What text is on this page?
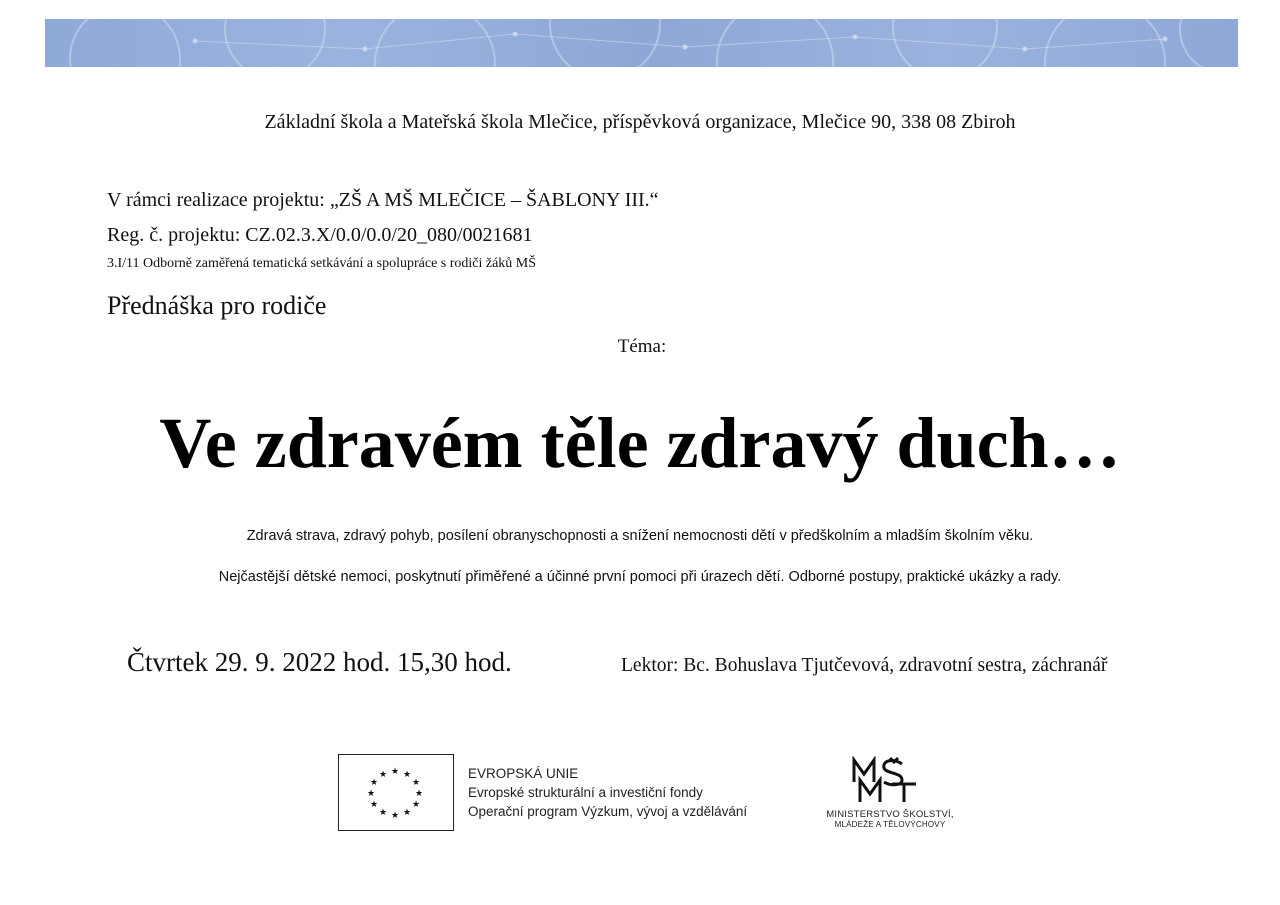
Základní škola a Mateřská škola Mlečice, příspěvková organizace, Mlečice 90, 338 08 Zbiroh
V rámci realizace projektu: „ZŠ A MŠ MLEČICE – ŠABLONY III.“
Reg. č. projektu: CZ.02.3.X/0.0/0.0/20_080/0021681
3.I/11 Odborně zaměřená tematická setkávání a spolupráce s rodiči žáků MŠ
Přednáška pro rodiče
Téma:
Ve zdravém těle zdravý duch…
Zdravá strava, zdravý pohyb, posílení obranyschopnosti a snížení nemocnosti dětí v předškolním a mladším školním věku.
Nejčastější dětské nemoci, poskytnutí přiměřené a účinné první pomoci při úrazech dětí. Odborné postupy, praktické ukázky a rady.
Čtvrtek 29. 9. 2022 hod. 15,30 hod.	Lektor: Bc. Bohuslava Tjutčevová, zdravotní sestra, záchranář
★ ★
★
★
★
★
★
★
★
★
★
★	EVROPSKÁ UNIE
Evropské strukturální a investiční fondy
Operační program Výzkum, vývoj a vzdělávání	MINISTERSTVO ŠKOLSTVÍ,
MLÁDEŽE A TĚLOVÝCHOVY
